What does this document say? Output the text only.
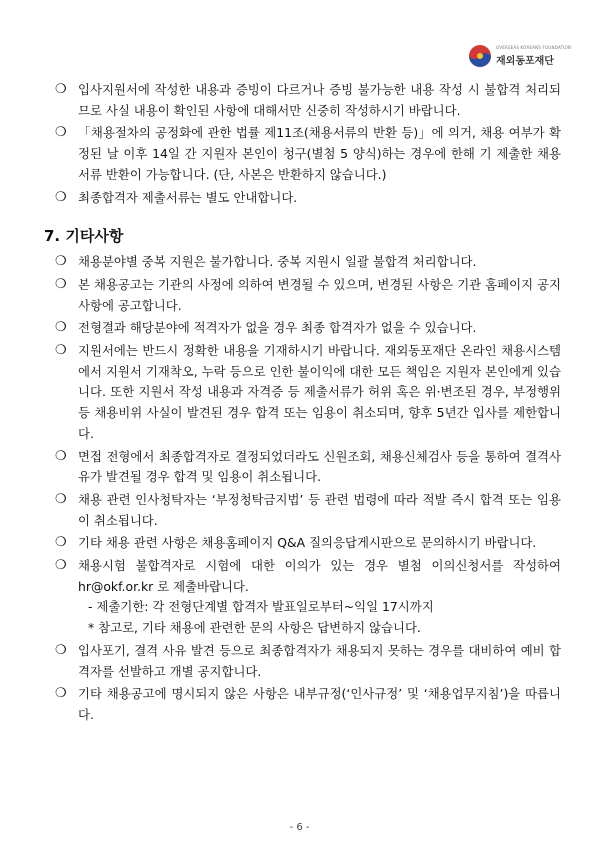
OVERSEAS KOREANS FOUNDATION
재외동포재단
❍ 입사지원서에 작성한 내용과 증빙이 다르거나 증빙 불가능한 내용 작성 시 불합격 처리되므로 사실 내용이 확인된 사항에 대해서만 신중히 작성하시기 바랍니다.
❍ 「채용절차의 공정화에 관한 법률 제11조(채용서류의 반환 등)」에 의거, 채용 여부가 확정된 날 이후 14일 간 지원자 본인이 청구(별첨 5 양식)하는 경우에 한해 기 제출한 채용 서류 반환이 가능합니다. (단, 사본은 반환하지 않습니다.)
❍ 최종합격자 제출서류는 별도 안내합니다.
7. 기타사항
❍ 채용분야별 중복 지원은 불가합니다. 중복 지원시 일괄 불합격 처리합니다.
❍ 본 채용공고는 기관의 사정에 의하여 변경될 수 있으며, 변경된 사항은 기관 홈페이지 공지사항에 공고합니다.
❍ 전형결과 해당분야에 적격자가 없을 경우 최종 합격자가 없을 수 있습니다.
❍ 지원서에는 반드시 정확한 내용을 기재하시기 바랍니다. 재외동포재단 온라인 채용시스템에서 지원서 기재착오, 누락 등으로 인한 불이익에 대한 모든 책임은 지원자 본인에게 있습니다. 또한 지원서 작성 내용과 자격증 등 제출서류가 허위 혹은 위·변조된 경우, 부정행위 등 채용비위 사실이 발견된 경우 합격 또는 임용이 취소되며, 향후 5년간 입사를 제한합니다.
❍ 면접 전형에서 최종합격자로 결정되었더라도 신원조회, 채용신체검사 등을 통하여 결격사유가 발견될 경우 합격 및 임용이 취소됩니다.
❍ 채용 관련 인사청탁자는 ‘부정청탁금지법’ 등 관련 법령에 따라 적발 즉시 합격 또는 임용이 취소됩니다.
❍ 기타 채용 관련 사항은 채용홈페이지 Q&A 질의응답게시판으로 문의하시기 바랍니다.
❍ 채용시험 불합격자로 시험에 대한 이의가 있는 경우 별첨 이의신청서를 작성하여 hr@okf.or.kr 로 제출바랍니다.
- 제출기한: 각 전형단계별 합격자 발표일로부터~익일 17시까지
* 참고로, 기타 채용에 관련한 문의 사항은 답변하지 않습니다.
❍ 입사포기, 결격 사유 발견 등으로 최종합격자가 채용되지 못하는 경우를 대비하여 예비 합격자를 선발하고 개별 공지합니다.
❍ 기타 채용공고에 명시되지 않은 사항은 내부규정(‘인사규정’ 및 ‘채용업무지침’)을 따릅니다.
- 6 -
